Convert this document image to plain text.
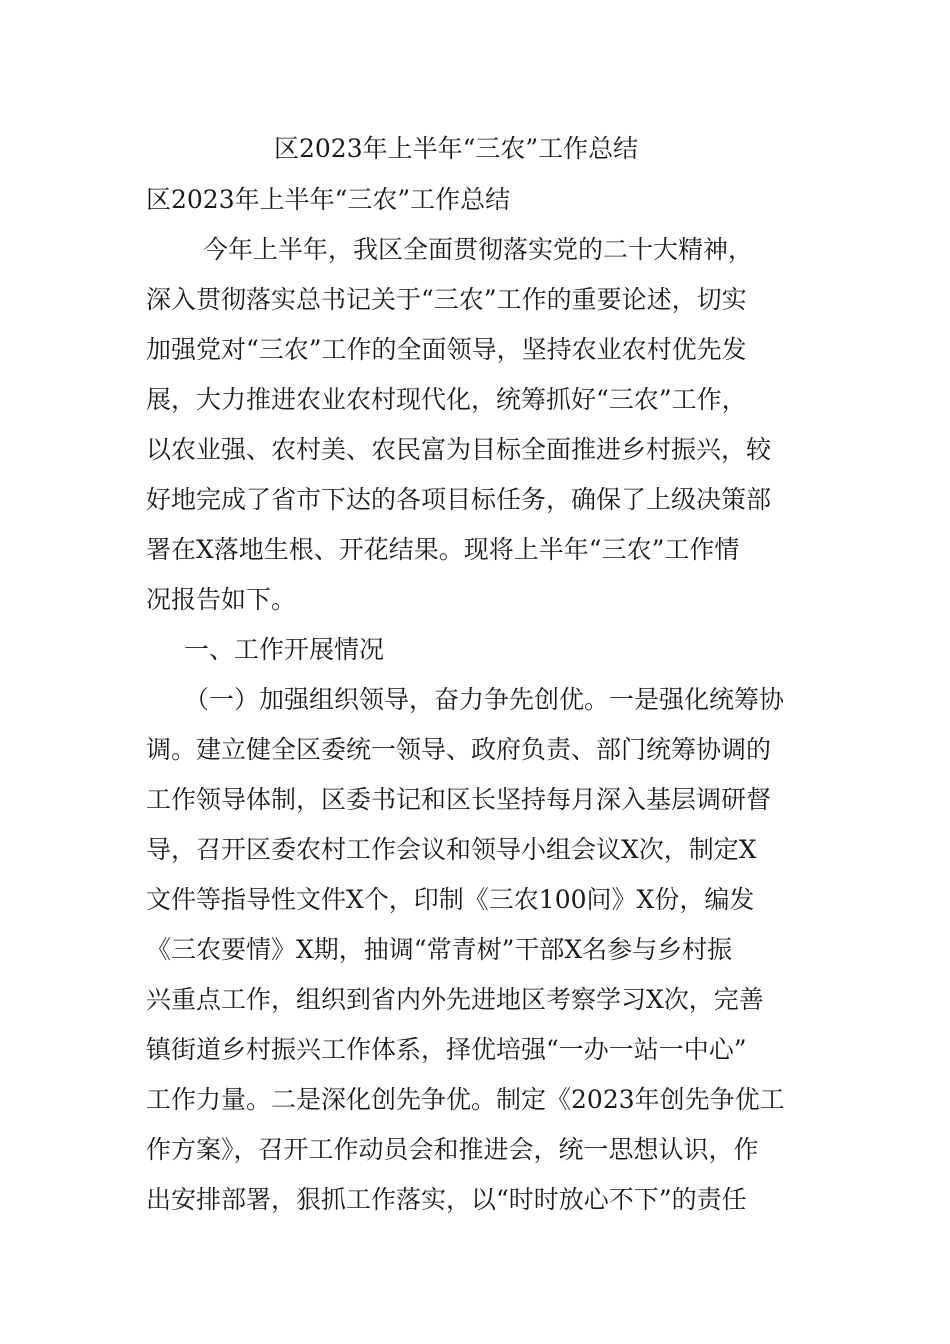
区2023年上半年“三农”工作总结

区2023年上半年“三农”工作总结

今年上半年，我区全面贯彻落实党的二十大精神，

深入贯彻落实总书记关于“三农”工作的重要论述，切实

加强党对“三农”工作的全面领导，坚持农业农村优先发

展，大力推进农业农村现代化，统筹抓好“三农”工作，

以农业强、农村美、农民富为目标全面推进乡村振兴，较

好地完成了省市下达的各项目标任务，确保了上级决策部

署在X落地生根、开花结果。现将上半年“三农”工作情

况报告如下。

一、工作开展情况

（一）加强组织领导，奋力争先创优。一是强化统筹协

调。建立健全区委统一领导、政府负责、部门统筹协调的

工作领导体制，区委书记和区长坚持每月深入基层调研督

导，召开区委农村工作会议和领导小组会议X次，制定X

文件等指导性文件X个，印制《三农100问》X份，编发

《三农要情》X期，抽调“常青树”干部X名参与乡村振

兴重点工作，组织到省内外先进地区考察学习X次，完善

镇街道乡村振兴工作体系，择优培强“一办一站一中心”

工作力量。二是深化创先争优。制定《2023年创先争优工

作方案》，召开工作动员会和推进会，统一思想认识，作

出安排部署，狠抓工作落实，以“时时放心不下”的责任
